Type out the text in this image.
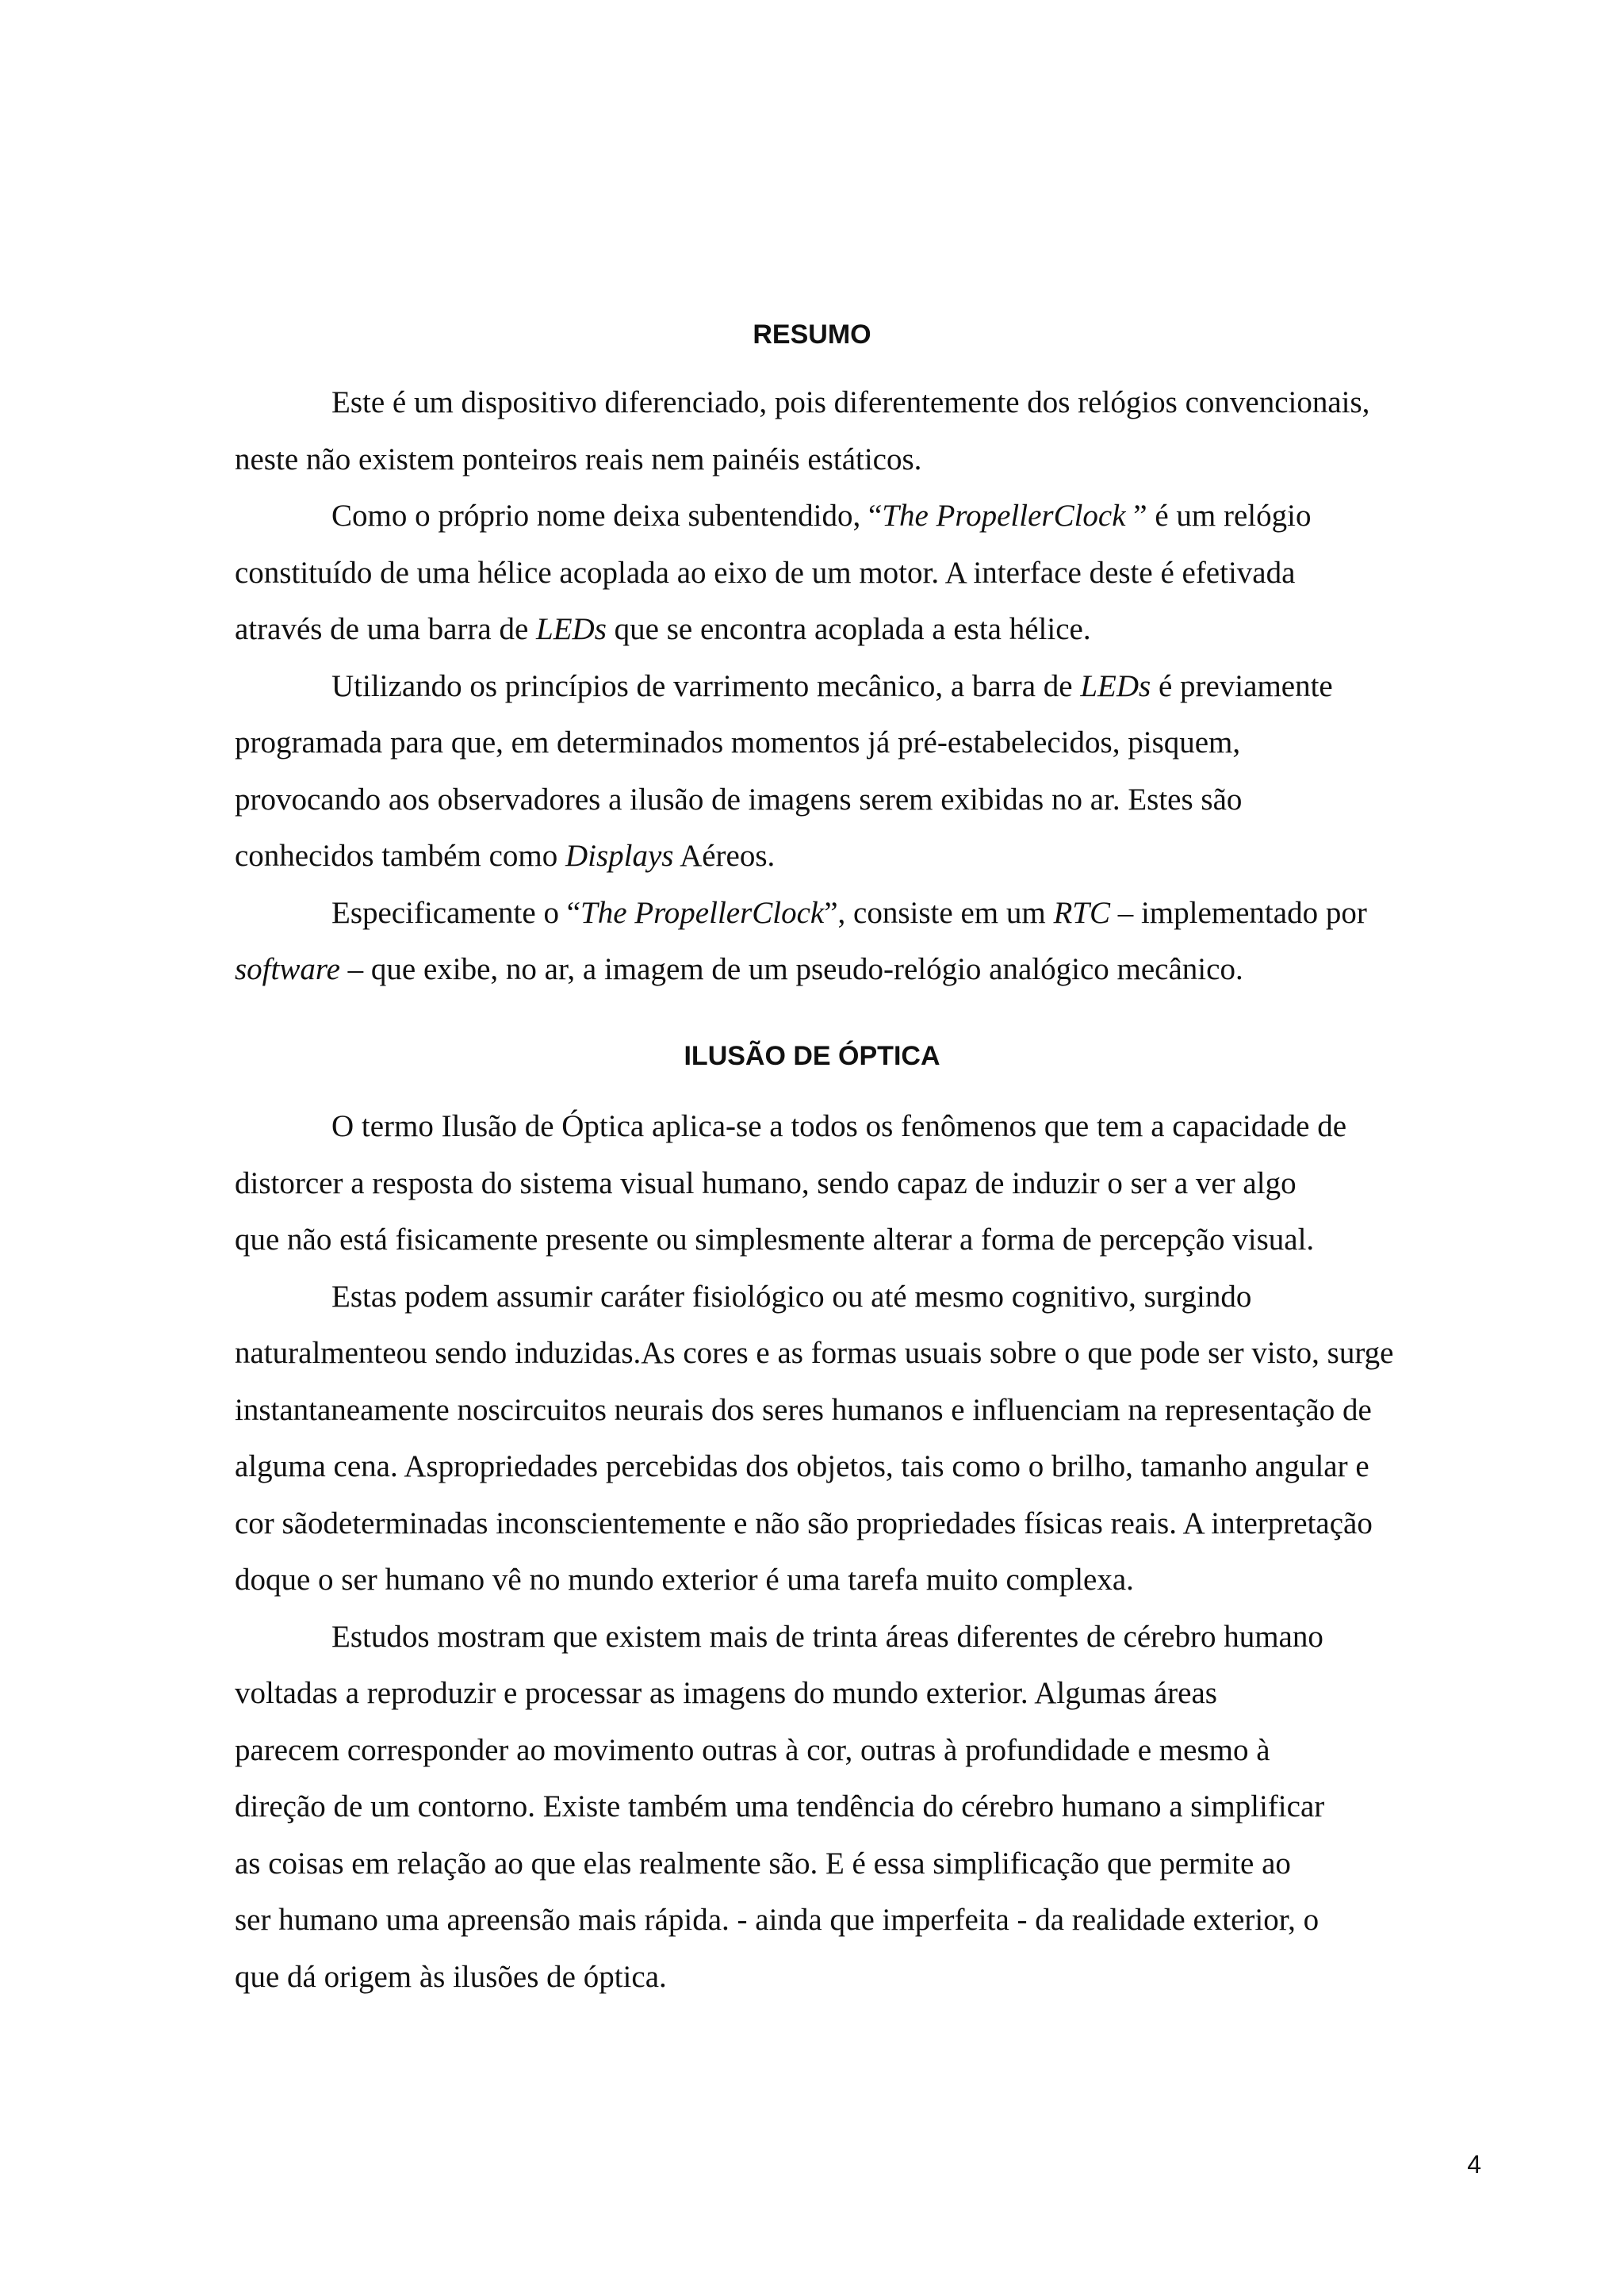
RESUMO
Este é um dispositivo diferenciado, pois diferentemente dos relógios convencionais,
neste não existem ponteiros reais nem painéis estáticos.
Como o próprio nome deixa subentendido, “The PropellerClock ” é um relógio
constituído de uma hélice acoplada ao eixo de um motor. A interface deste é efetivada
através de uma barra de LEDs que se encontra acoplada a esta hélice.
Utilizando os princípios de varrimento mecânico, a barra de LEDs é previamente
programada para que, em determinados momentos já pré-estabelecidos, pisquem,
provocando aos observadores a ilusão de imagens serem exibidas no ar. Estes são
conhecidos também como Displays Aéreos.
Especificamente o “The PropellerClock”, consiste em um RTC – implementado por
software – que exibe, no ar, a imagem de um pseudo-relógio analógico mecânico.
ILUSÃO DE ÓPTICA
O termo Ilusão de Óptica aplica-se a todos os fenômenos que tem a capacidade de
distorcer a resposta do sistema visual humano, sendo capaz de induzir o ser a ver algo
que não está fisicamente presente ou simplesmente alterar a forma de percepção visual.
Estas podem assumir caráter fisiológico ou até mesmo cognitivo, surgindo
naturalmenteou sendo induzidas.As cores e as formas usuais sobre o que pode ser visto, surge
instantaneamente noscircuitos neurais dos seres humanos e influenciam na representação de
alguma cena. Aspropriedades percebidas dos objetos, tais como o brilho, tamanho angular e
cor sãodeterminadas inconscientemente e não são propriedades físicas reais. A interpretação
doque o ser humano vê no mundo exterior é uma tarefa muito complexa.
Estudos mostram que existem mais de trinta áreas diferentes de cérebro humano
voltadas a reproduzir e processar as imagens do mundo exterior. Algumas áreas
parecem corresponder ao movimento outras à cor, outras à profundidade e mesmo à
direção de um contorno. Existe também uma tendência do cérebro humano a simplificar
as coisas em relação ao que elas realmente são. E é essa simplificação que permite ao
ser humano uma apreensão mais rápida. - ainda que imperfeita - da realidade exterior, o
que dá origem às ilusões de óptica.
4
